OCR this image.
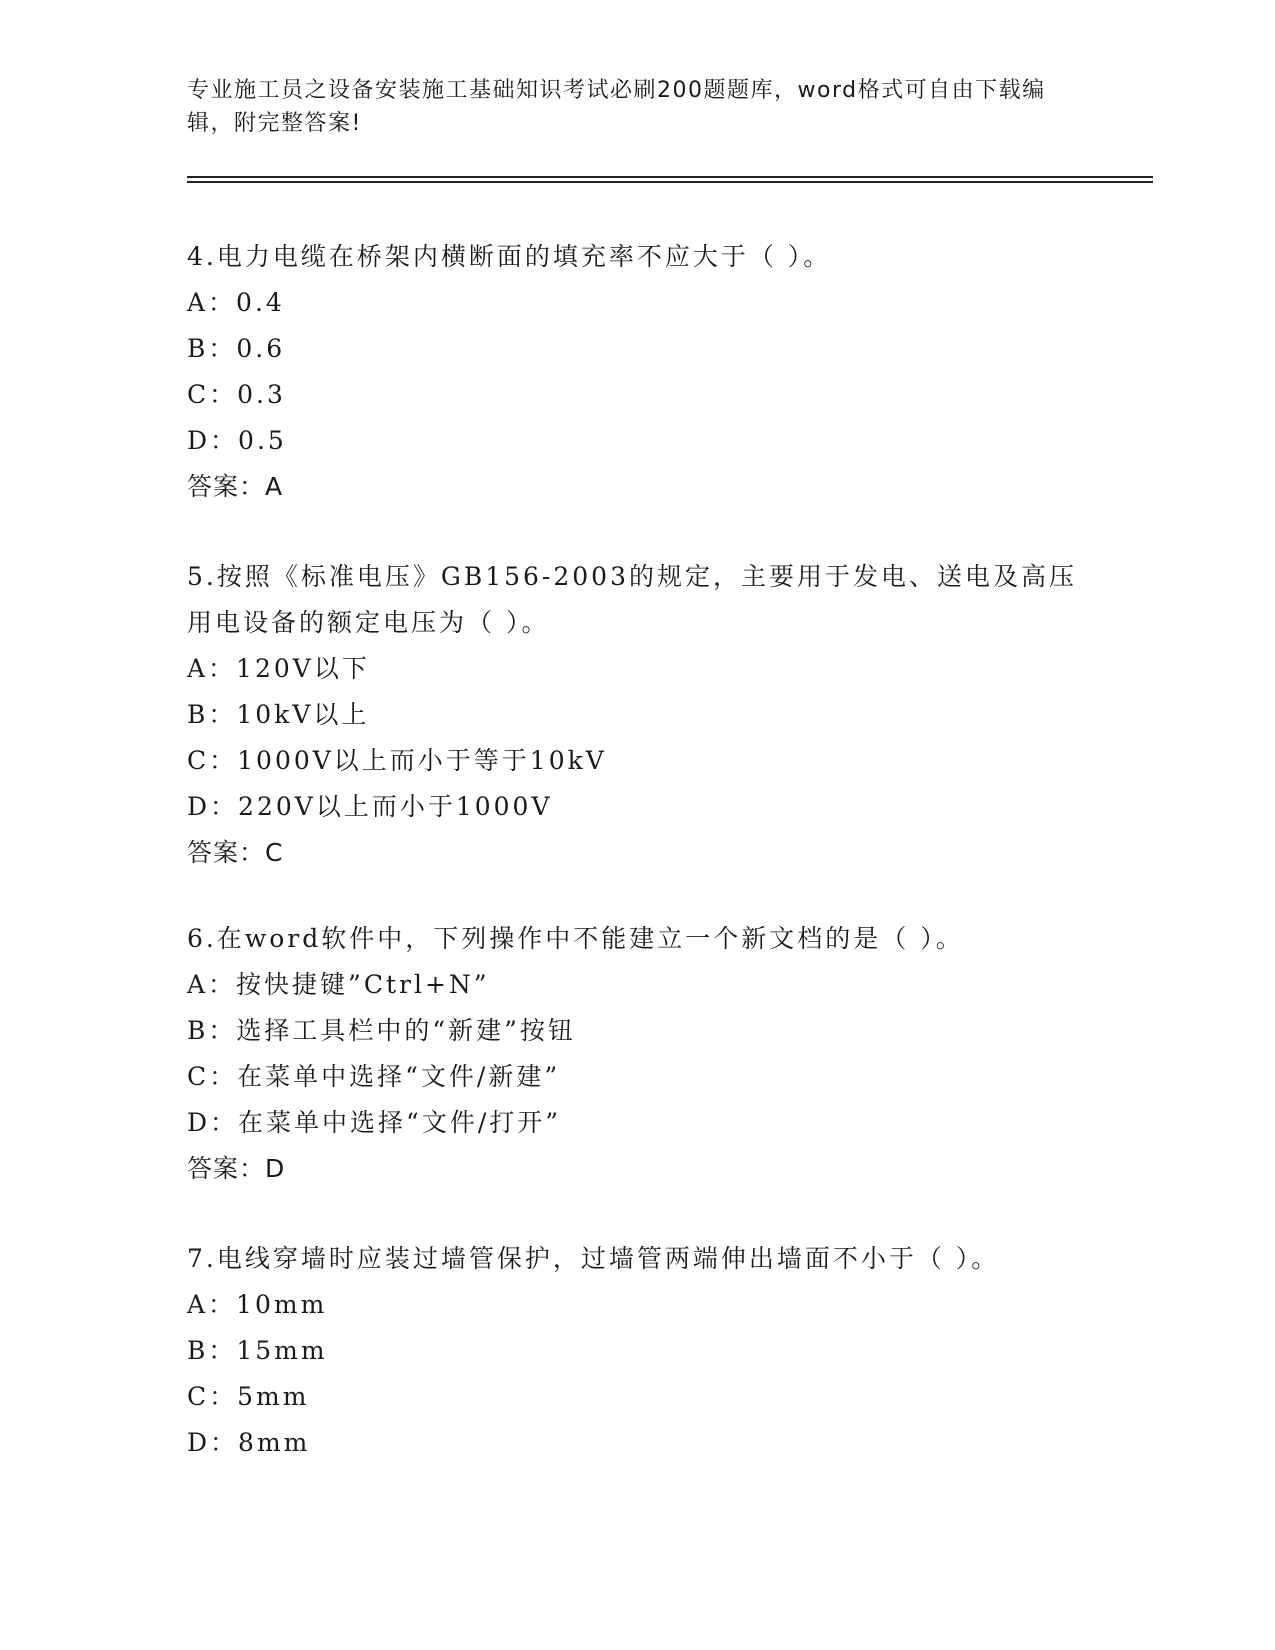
专业施工员之设备安装施工基础知识考试必刷200题题库，word格式可自由下载编辑，附完整答案!
4.电力电缆在桥架内横断面的填充率不应大于（ ）。
A：0.4
B：0.6
C：0.3
D：0.5
答案：A
5.按照《标准电压》GB156-2003的规定，主要用于发电、送电及高压用电设备的额定电压为（ ）。
A：120V以下
B：10kV以上
C：1000V以上而小于等于10kV
D：220V以上而小于1000V
答案：C
6.在word软件中，下列操作中不能建立一个新文档的是（ ）。
A：按快捷键”Ctrl+N”
B：选择工具栏中的“新建”按钮
C：在菜单中选择“文件/新建”
D：在菜单中选择“文件/打开”
答案：D
7.电线穿墙时应装过墙管保护，过墙管两端伸出墙面不小于（ ）。
A：10mm
B：15mm
C：5mm
D：8mm
